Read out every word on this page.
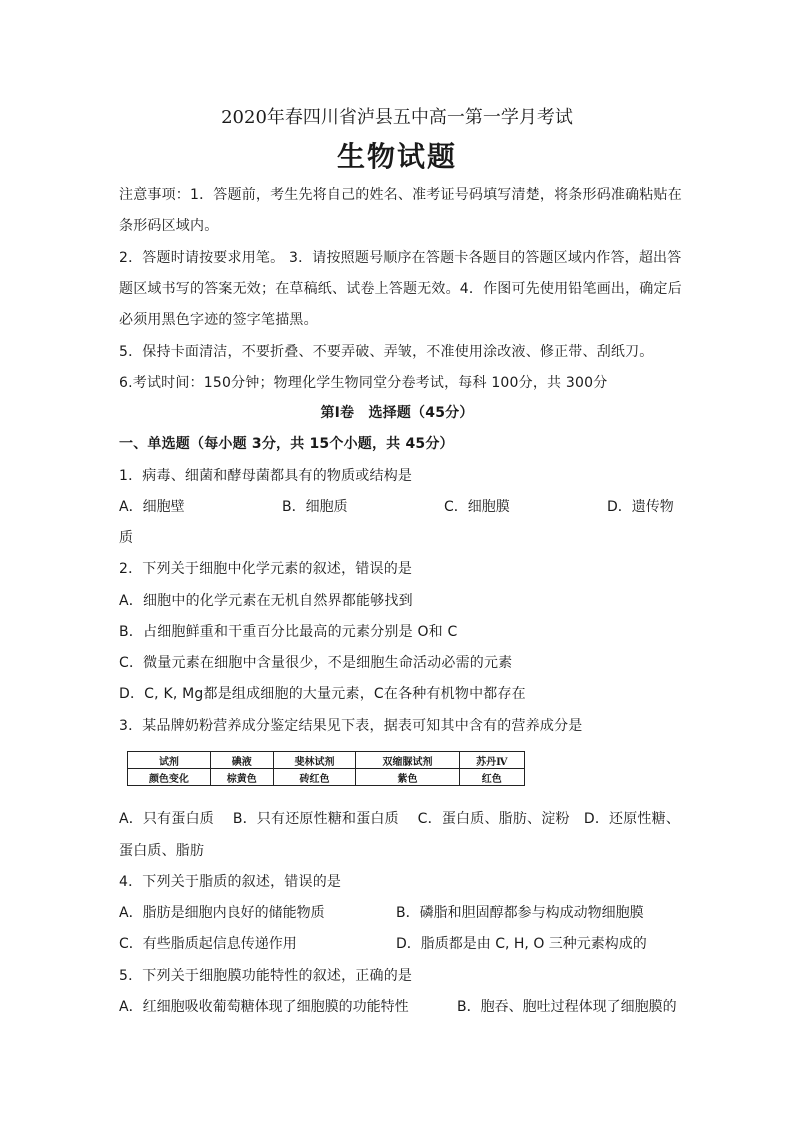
2020年春四川省泸县五中高一第一学月考试
生物试题
注意事项：1．答题前，考生先将自己的姓名、准考证号码填写清楚，将条形码准确粘贴在
条形码区域内。
2．答题时请按要求用笔。 3．请按照题号顺序在答题卡各题目的答题区域内作答，超出答
题区域书写的答案无效；在草稿纸、试卷上答题无效。4．作图可先使用铅笔画出，确定后
必须用黑色字迹的签字笔描黑。
5．保持卡面清洁，不要折叠、不要弄破、弄皱，不准使用涂改液、修正带、刮纸刀。
6.考试时间：150分钟；物理化学生物同堂分卷考试，每科 100分，共 300分
第Ⅰ卷　选择题（45分）
一、单选题（每小题 3分，共 15个小题，共 45分）
1．病毒、细菌和酵母菌都具有的物质或结构是
A．细胞壁	B．细胞质	C．细胞膜	D．遗传物
质
2．下列关于细胞中化学元素的叙述，错误的是
A．细胞中的化学元素在无机自然界都能够找到
B．占细胞鲜重和干重百分比最高的元素分别是 O和 C
C．微量元素在细胞中含量很少，不是细胞生命活动必需的元素
D．C, K, Mg都是组成细胞的大量元素，C在各种有机物中都存在
3．某品牌奶粉营养成分鉴定结果见下表，据表可知其中含有的营养成分是
试剂	碘液	斐林试剂	双缩脲试剂	苏丹Ⅳ
颜色变化	棕黄色	砖红色	紫色	红色
A．只有蛋白质　 B．只有还原性糖和蛋白质　 C．蛋白质、脂肪、淀粉　D．还原性糖、
蛋白质、脂肪
4．下列关于脂质的叙述，错误的是
A．脂肪是细胞内良好的储能物质	B．磷脂和胆固醇都参与构成动物细胞膜
C．有些脂质起信息传递作用	D．脂质都是由 C, H, O 三种元素构成的
5．下列关于细胞膜功能特性的叙述，正确的是
A．红细胞吸收葡萄糖体现了细胞膜的功能特性	B．胞吞、胞吐过程体现了细胞膜的
